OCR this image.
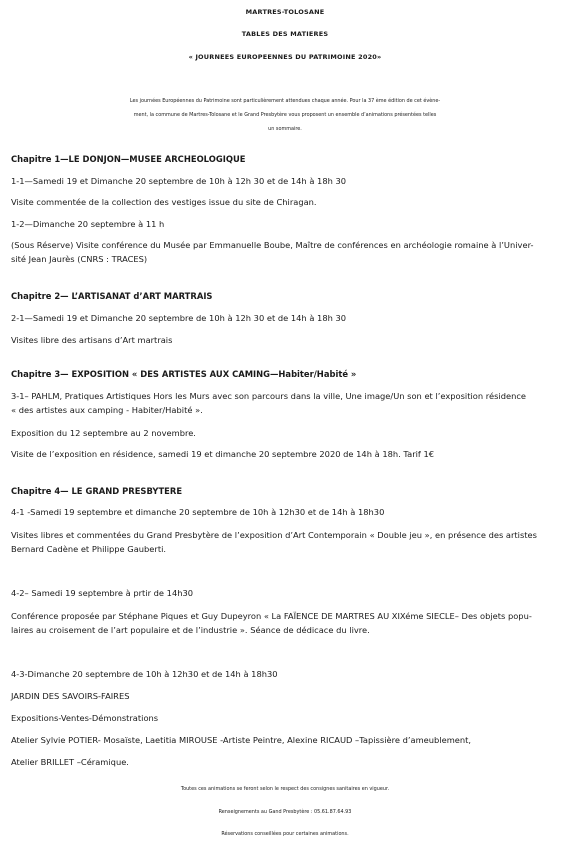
MARTRES-TOLOSANE
TABLES DES MATIERES
« JOURNEES EUROPEENNES DU PATRIMOINE 2020»
Les journées Européennes du Patrimoine sont particulièrement attendues chaque année. Pour la 37 ème édition de cet évène-
ment, la commune de Martres-Tolosane et le Grand Presbytère vous proposent un ensemble d’animations présentées telles
un sommaire.
Chapitre 1—LE DONJON—MUSEE ARCHEOLOGIQUE
1-1—Samedi 19 et Dimanche 20 septembre de 10h à 12h 30 et de 14h à 18h 30
Visite commentée de la collection des vestiges issue du site de Chiragan.
1-2—Dimanche 20 septembre à 11 h
(Sous Réserve) Visite conférence du Musée par Emmanuelle Boube, Maître de conférences en archéologie romaine à l’Univer-
sité Jean Jaurès (CNRS : TRACES)
Chapitre 2— L’ARTISANAT d’ART MARTRAIS
2-1—Samedi 19 et Dimanche 20 septembre de 10h à 12h 30 et de 14h à 18h 30
Visites libre des artisans d’Art martrais
Chapitre 3— EXPOSITION « DES ARTISTES AUX CAMING—Habiter/Habité »
3-1– PAHLM, Pratiques Artistiques Hors les Murs avec son parcours dans la ville, Une image/Un son et l’exposition résidence
« des artistes aux camping - Habiter/Habité ».
Exposition du 12 septembre au 2 novembre.
Visite de l’exposition en résidence, samedi 19 et dimanche 20 septembre 2020 de 14h à 18h. Tarif 1€
Chapitre 4— LE GRAND PRESBYTERE
4-1 -Samedi 19 septembre et dimanche 20 septembre de 10h à 12h30 et de 14h à 18h30
Visites libres et commentées du Grand Presbytère de l’exposition d’Art Contemporain « Double jeu », en présence des artistes
Bernard Cadène et Philippe Gauberti.
4-2– Samedi 19 septembre à prtir de 14h30
Conférence proposée par Stéphane Piques et Guy Dupeyron « La FAÏENCE DE MARTRES AU XIXéme SIECLE– Des objets popu-
laires au croisement de l’art populaire et de l’industrie ». Séance de dédicace du livre.
4-3-Dimanche 20 septembre de 10h à 12h30 et de 14h à 18h30
JARDIN DES SAVOIRS-FAIRES
Expositions-Ventes-Démonstrations
Atelier Sylvie POTIER- Mosaïste, Laetitia MIROUSE -Artiste Peintre, Alexine RICAUD –Tapissière d’ameublement,
Atelier BRILLET –Céramique.
Toutes ces animations se feront selon le respect des consignes sanitaires en vigueur.
Renseignements au Gand Presbytère : 05.61.87.64.93
Réservations conseillées pour certaines animations.
